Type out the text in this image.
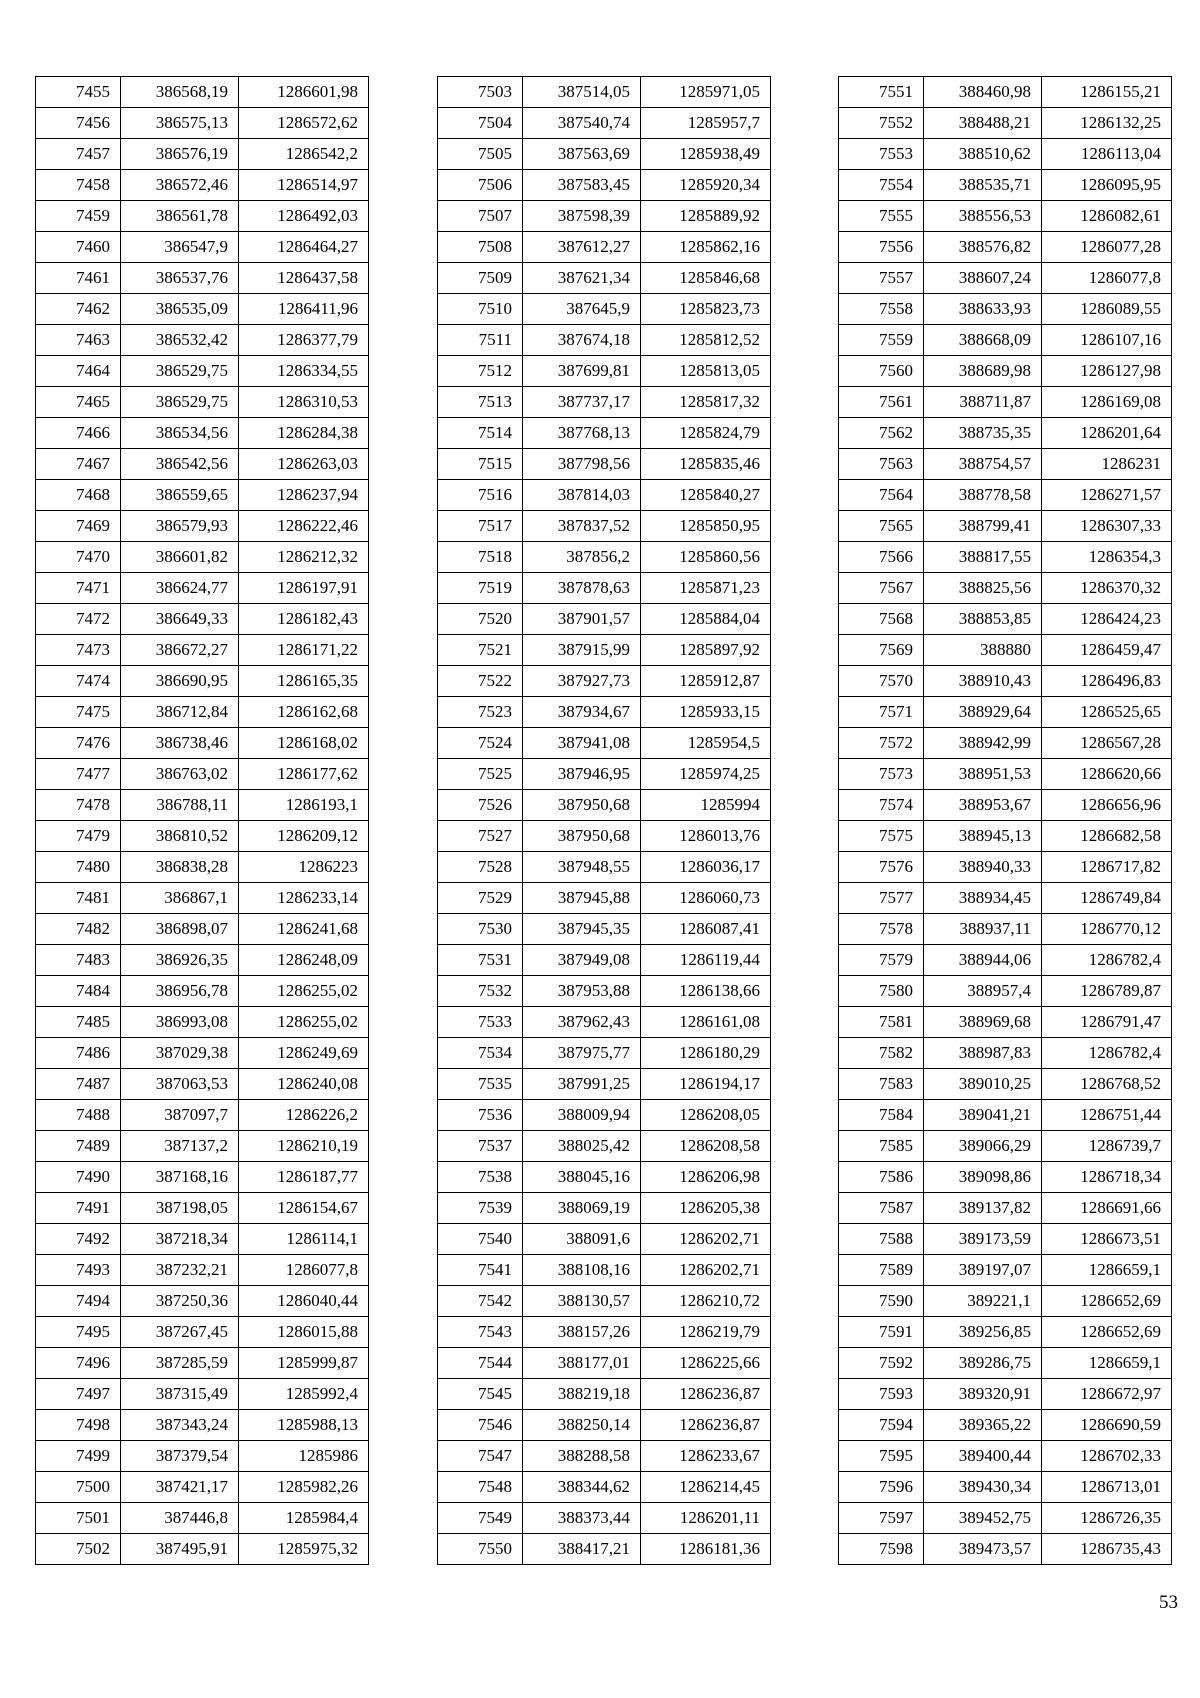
7455	386568,19	1286601,98
7456	386575,13	1286572,62
7457	386576,19	1286542,2
7458	386572,46	1286514,97
7459	386561,78	1286492,03
7460	386547,9	1286464,27
7461	386537,76	1286437,58
7462	386535,09	1286411,96
7463	386532,42	1286377,79
7464	386529,75	1286334,55
7465	386529,75	1286310,53
7466	386534,56	1286284,38
7467	386542,56	1286263,03
7468	386559,65	1286237,94
7469	386579,93	1286222,46
7470	386601,82	1286212,32
7471	386624,77	1286197,91
7472	386649,33	1286182,43
7473	386672,27	1286171,22
7474	386690,95	1286165,35
7475	386712,84	1286162,68
7476	386738,46	1286168,02
7477	386763,02	1286177,62
7478	386788,11	1286193,1
7479	386810,52	1286209,12
7480	386838,28	1286223
7481	386867,1	1286233,14
7482	386898,07	1286241,68
7483	386926,35	1286248,09
7484	386956,78	1286255,02
7485	386993,08	1286255,02
7486	387029,38	1286249,69
7487	387063,53	1286240,08
7488	387097,7	1286226,2
7489	387137,2	1286210,19
7490	387168,16	1286187,77
7491	387198,05	1286154,67
7492	387218,34	1286114,1
7493	387232,21	1286077,8
7494	387250,36	1286040,44
7495	387267,45	1286015,88
7496	387285,59	1285999,87
7497	387315,49	1285992,4
7498	387343,24	1285988,13
7499	387379,54	1285986
7500	387421,17	1285982,26
7501	387446,8	1285984,4
7502	387495,91	1285975,32
7503	387514,05	1285971,05
7504	387540,74	1285957,7
7505	387563,69	1285938,49
7506	387583,45	1285920,34
7507	387598,39	1285889,92
7508	387612,27	1285862,16
7509	387621,34	1285846,68
7510	387645,9	1285823,73
7511	387674,18	1285812,52
7512	387699,81	1285813,05
7513	387737,17	1285817,32
7514	387768,13	1285824,79
7515	387798,56	1285835,46
7516	387814,03	1285840,27
7517	387837,52	1285850,95
7518	387856,2	1285860,56
7519	387878,63	1285871,23
7520	387901,57	1285884,04
7521	387915,99	1285897,92
7522	387927,73	1285912,87
7523	387934,67	1285933,15
7524	387941,08	1285954,5
7525	387946,95	1285974,25
7526	387950,68	1285994
7527	387950,68	1286013,76
7528	387948,55	1286036,17
7529	387945,88	1286060,73
7530	387945,35	1286087,41
7531	387949,08	1286119,44
7532	387953,88	1286138,66
7533	387962,43	1286161,08
7534	387975,77	1286180,29
7535	387991,25	1286194,17
7536	388009,94	1286208,05
7537	388025,42	1286208,58
7538	388045,16	1286206,98
7539	388069,19	1286205,38
7540	388091,6	1286202,71
7541	388108,16	1286202,71
7542	388130,57	1286210,72
7543	388157,26	1286219,79
7544	388177,01	1286225,66
7545	388219,18	1286236,87
7546	388250,14	1286236,87
7547	388288,58	1286233,67
7548	388344,62	1286214,45
7549	388373,44	1286201,11
7550	388417,21	1286181,36
7551	388460,98	1286155,21
7552	388488,21	1286132,25
7553	388510,62	1286113,04
7554	388535,71	1286095,95
7555	388556,53	1286082,61
7556	388576,82	1286077,28
7557	388607,24	1286077,8
7558	388633,93	1286089,55
7559	388668,09	1286107,16
7560	388689,98	1286127,98
7561	388711,87	1286169,08
7562	388735,35	1286201,64
7563	388754,57	1286231
7564	388778,58	1286271,57
7565	388799,41	1286307,33
7566	388817,55	1286354,3
7567	388825,56	1286370,32
7568	388853,85	1286424,23
7569	388880	1286459,47
7570	388910,43	1286496,83
7571	388929,64	1286525,65
7572	388942,99	1286567,28
7573	388951,53	1286620,66
7574	388953,67	1286656,96
7575	388945,13	1286682,58
7576	388940,33	1286717,82
7577	388934,45	1286749,84
7578	388937,11	1286770,12
7579	388944,06	1286782,4
7580	388957,4	1286789,87
7581	388969,68	1286791,47
7582	388987,83	1286782,4
7583	389010,25	1286768,52
7584	389041,21	1286751,44
7585	389066,29	1286739,7
7586	389098,86	1286718,34
7587	389137,82	1286691,66
7588	389173,59	1286673,51
7589	389197,07	1286659,1
7590	389221,1	1286652,69
7591	389256,85	1286652,69
7592	389286,75	1286659,1
7593	389320,91	1286672,97
7594	389365,22	1286690,59
7595	389400,44	1286702,33
7596	389430,34	1286713,01
7597	389452,75	1286726,35
7598	389473,57	1286735,43
53
